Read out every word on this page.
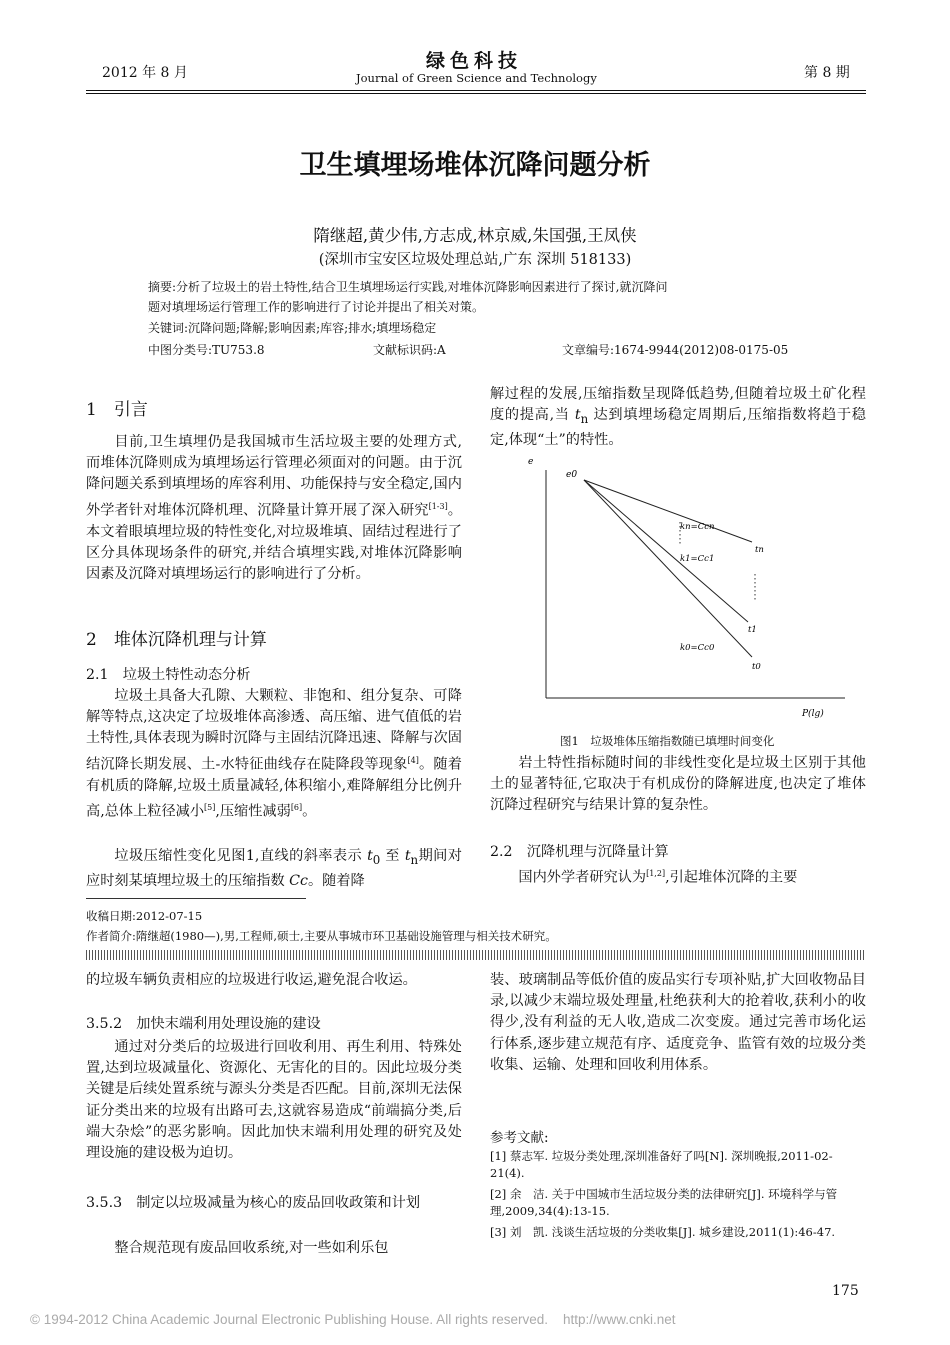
2012 年 8 月
绿色科技
Journal of Green Science and Technology	第 8 期
卫生填埋场堆体沉降问题分析
隋继超,黄少伟,方志成,林京威,朱国强,王凤侠
(深圳市宝安区垃圾处理总站,广东 深圳 518133)
摘要:分析了垃圾土的岩土特性,结合卫生填埋场运行实践,对堆体沉降影响因素进行了探讨,就沉降问
题对填埋场运行管理工作的影响进行了讨论并提出了相关对策。
关键词:沉降问题;降解;影响因素;库容;排水;填埋场稳定
中图分类号:TU753.8	文献标识码:A	文章编号:1674-9944(2012)08-0175-05
1　引言

目前,卫生填埋仍是我国城市生活垃圾主要的处理方式,而堆体沉降则成为填埋场运行管理必须面对的问题。由于沉降问题关系到填埋场的库容利用、功能保持与安全稳定,国内外学者针对堆体沉降机理、沉降量计算开展了深入研究[1-3]。本文着眼填埋垃圾的特性变化,对垃圾堆填、固结过程进行了区分具体现场条件的研究,并结合填埋实践,对堆体沉降影响因素及沉降对填埋场运行的影响进行了分析。

2　堆体沉降机理与计算
2.1　垃圾土特性动态分析

垃圾土具备大孔隙、大颗粒、非饱和、组分复杂、可降解等特点,这决定了垃圾堆体高渗透、高压缩、进气值低的岩土特性,具体表现为瞬时沉降与主固结沉降迅速、降解与次固结沉降长期发展、土-水特征曲线存在陡降段等现象[4]。随着有机质的降解,垃圾土质量减轻,体积缩小,难降解组分比例升高,总体上粒径减小[5],压缩性减弱[6]。

垃圾压缩性变化见图1,直线的斜率表示 $t_0$ 至 $t_n$期间对应时刻某填埋垃圾土的压缩指数 Cc。随着降

解过程的发展,压缩指数呈现降低趋势,但随着垃圾土矿化程度的提高,当 $t_n$ 达到填埋场稳定周期后,压缩指数将趋于稳定,体现“土”的特性。

e
P(lg)
e0
kn=Ccn
k1=Cc1
k0=Cc0
tn
t1
t0
图1　垃圾堆体压缩指数随已填埋时间变化

岩土特性指标随时间的非线性变化是垃圾土区别于其他土的显著特征,它取决于有机成份的降解进度,也决定了堆体沉降过程研究与结果计算的复杂性。

2.2　沉降机理与沉降量计算

国内外学者研究认为[1,2],引起堆体沉降的主要

收稿日期:2012-07-15
作者简介:隋继超(1980—),男,工程师,硕士,主要从事城市环卫基础设施管理与相关技术研究。

的垃圾车辆负责相应的垃圾进行收运,避免混合收运。

3.5.2　加快末端利用处理设施的建设

通过对分类后的垃圾进行回收利用、再生利用、特殊处置,达到垃圾减量化、资源化、无害化的目的。因此垃圾分类关键是后续处置系统与源头分类是否匹配。目前,深圳无法保证分类出来的垃圾有出路可去,这就容易造成“前端搞分类,后端大杂烩”的恶劣影响。因此加快末端利用处理的研究及处理设施的建设极为迫切。

3.5.3　制定以垃圾减量为核心的废品回收政策和计划

整合规范现有废品回收系统,对一些如利乐包

装、玻璃制品等低价值的废品实行专项补贴,扩大回收物品目录,以减少末端垃圾处理量,杜绝获利大的抢着收,获利小的收得少,没有利益的无人收,造成二次变废。通过完善市场化运行体系,逐步建立规范有序、适度竞争、监管有效的垃圾分类收集、运输、处理和回收利用体系。

参考文献:
[1] 蔡志军. 垃圾分类处理,深圳准备好了吗[N]. 深圳晚报,2011-02-21(4).
[2] 余　洁. 关于中国城市生活垃圾分类的法律研究[J]. 环境科学与管理,2009,34(4):13-15.
[3] 刘　凯. 浅谈生活垃圾的分类收集[J]. 城乡建设,2011(1):46-47.
175
© 1994-2012 China Academic Journal Electronic Publishing House. All rights reserved.    http://www.cnki.net
